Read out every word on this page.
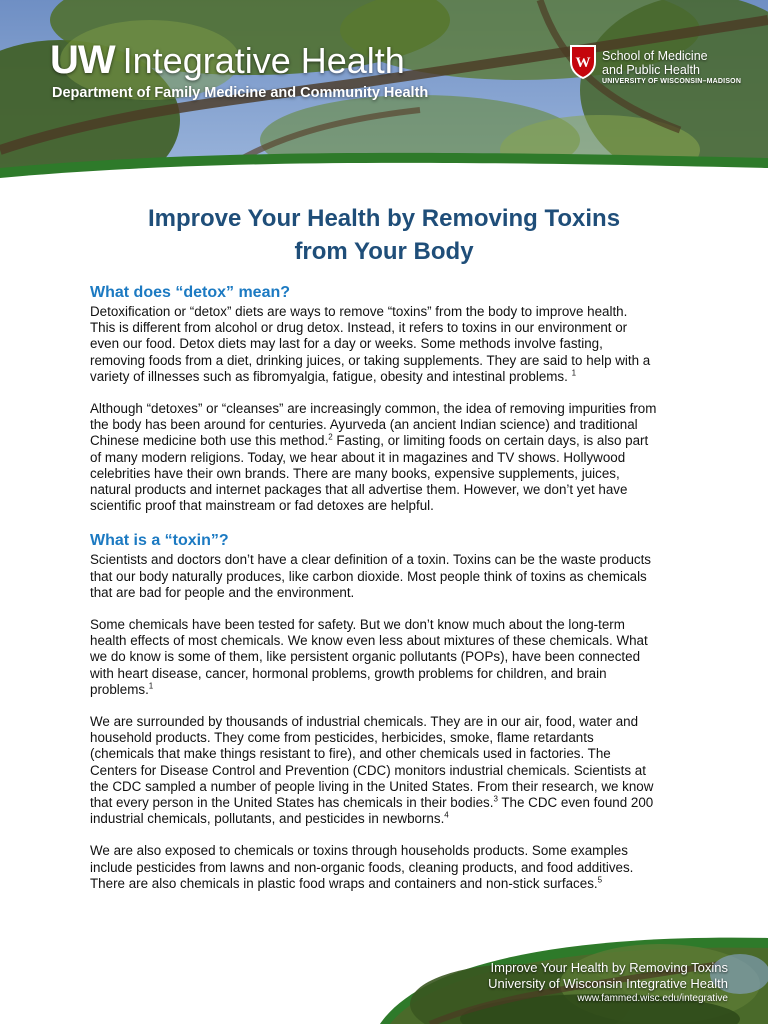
UW Integrative Health
Department of Family Medicine and Community Health
W School of Medicine
and Public Health
UNIVERSITY OF WISCONSIN–MADISON
Improve Your Health by Removing Toxins
from Your Body
What does “detox” mean?

Detoxification or “detox” diets are ways to remove “toxins” from the body to improve health.
This is different from alcohol or drug detox. Instead, it refers to toxins in our environment or
even our food. Detox diets may last for a day or weeks. Some methods involve fasting,
removing foods from a diet, drinking juices, or taking supplements. They are said to help with a
variety of illnesses such as fibromyalgia, fatigue, obesity and intestinal problems. $^1$

Although “detoxes” or “cleanses” are increasingly common, the idea of removing impurities from
the body has been around for centuries. Ayurveda (an ancient Indian science) and traditional
Chinese medicine both use this method.$^2$ Fasting, or limiting foods on certain days, is also part
of many modern religions. Today, we hear about it in magazines and TV shows. Hollywood
celebrities have their own brands. There are many books, expensive supplements, juices,
natural products and internet packages that all advertise them. However, we don’t yet have
scientific proof that mainstream or fad detoxes are helpful.

What is a “toxin”?

Scientists and doctors don’t have a clear definition of a toxin. Toxins can be the waste products
that our body naturally produces, like carbon dioxide. Most people think of toxins as chemicals
that are bad for people and the environment.

Some chemicals have been tested for safety. But we don’t know much about the long-term
health effects of most chemicals. We know even less about mixtures of these chemicals. What
we do know is some of them, like persistent organic pollutants (POPs), have been connected
with heart disease, cancer, hormonal problems, growth problems for children, and brain
problems.$^1$

We are surrounded by thousands of industrial chemicals. They are in our air, food, water and
household products. They come from pesticides, herbicides, smoke, flame retardants
(chemicals that make things resistant to fire), and other chemicals used in factories. The
Centers for Disease Control and Prevention (CDC) monitors industrial chemicals. Scientists at
the CDC sampled a number of people living in the United States. From their research, we know
that every person in the United States has chemicals in their bodies.$^3$ The CDC even found 200
industrial chemicals, pollutants, and pesticides in newborns.$^4$

We are also exposed to chemicals or toxins through households products. Some examples
include pesticides from lawns and non-organic foods, cleaning products, and food additives.
There are also chemicals in plastic food wraps and containers and non-stick surfaces.$^5$

Improve Your Health by Removing Toxins
University of Wisconsin Integrative Health
www.fammed.wisc.edu/integrative
